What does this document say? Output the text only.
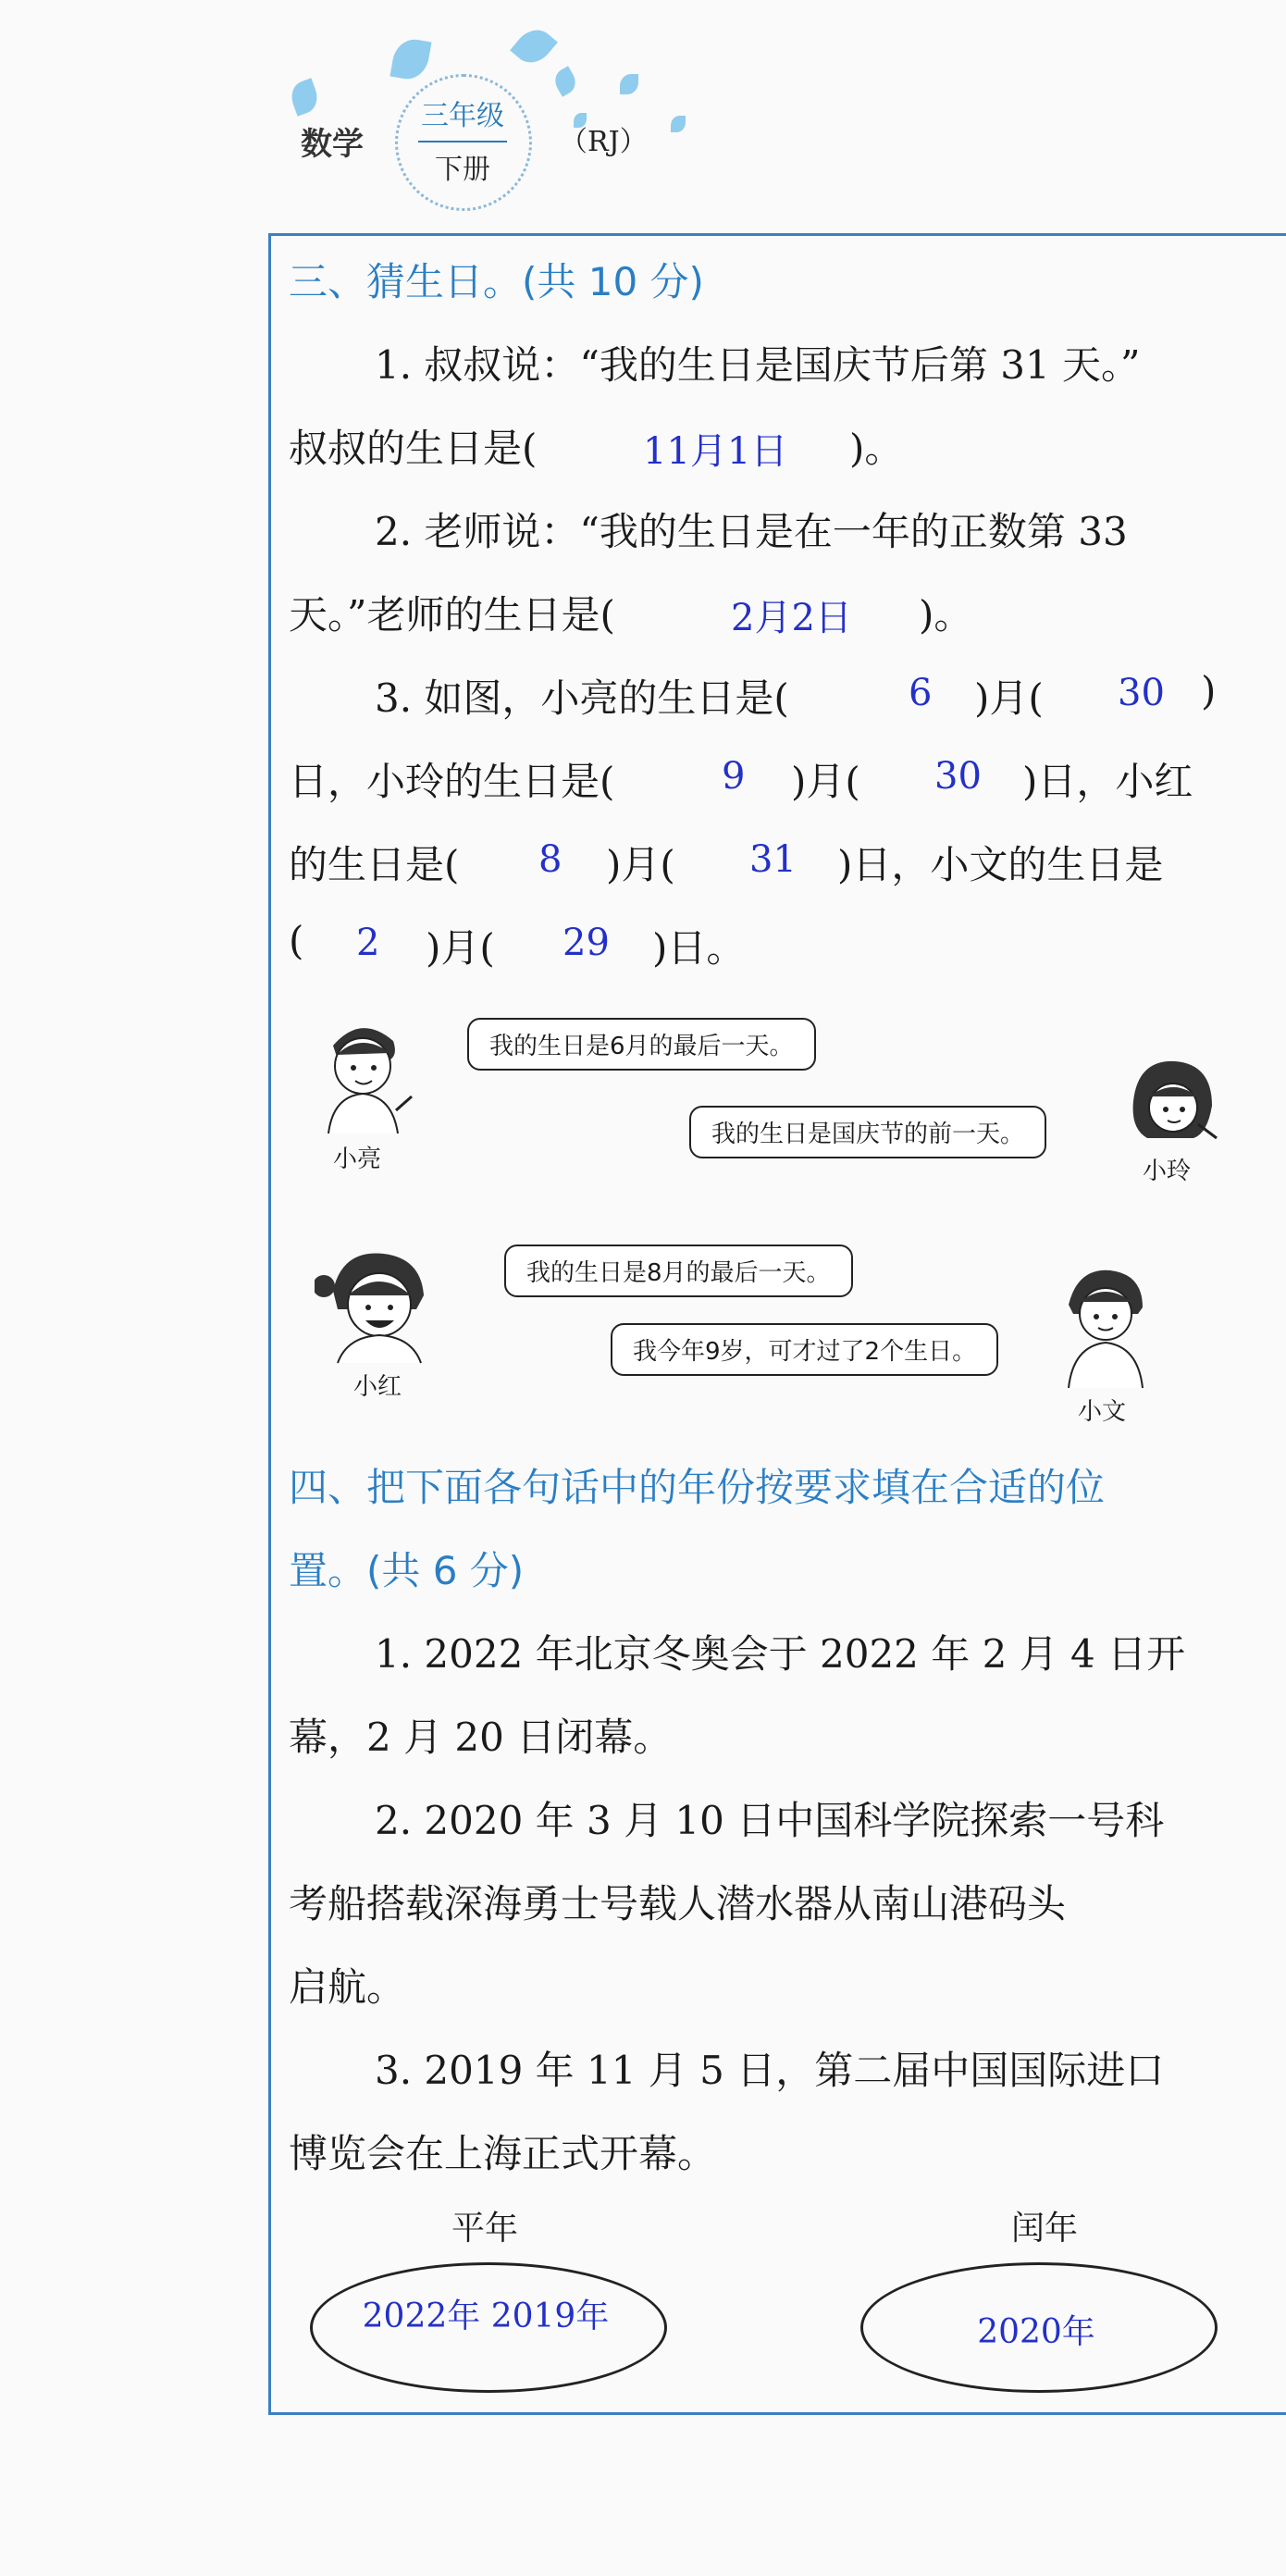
数学
三年级
下册
（RJ）
三、猜生日。(共 10 分)
1. 叔叔说：“我的生日是国庆节后第 31 天。”
叔叔的生日是(	11月1日 )。
2. 老师说：“我的生日是在一年的正数第 33
天。”老师的生日是(	2月2日 )。
3. 如图，小亮的生日是(	6 )月( 30 )
日，小玲的生日是(	9 )月( 30 )日，小红
的生日是( 8 )月( 31 )日，小文的生日是
( 2 )月( 29 )日。
我的生日是6月的最后一天。
小亮
我的生日是国庆节的前一天。
小玲
我的生日是8月的最后一天。
小红
我今年9岁，可才过了2个生日。
小文
四、把下面各句话中的年份按要求填在合适的位
置。(共 6 分)
1. 2022 年北京冬奥会于 2022 年 2 月 4 日开
幕，2 月 20 日闭幕。
2. 2020 年 3 月 10 日中国科学院探索一号科
考船搭载深海勇士号载人潜水器从南山港码头
启航。
3. 2019 年 11 月 5 日，第二届中国国际进口
博览会在上海正式开幕。
平年	闰年
2022年 2019年	2020年
